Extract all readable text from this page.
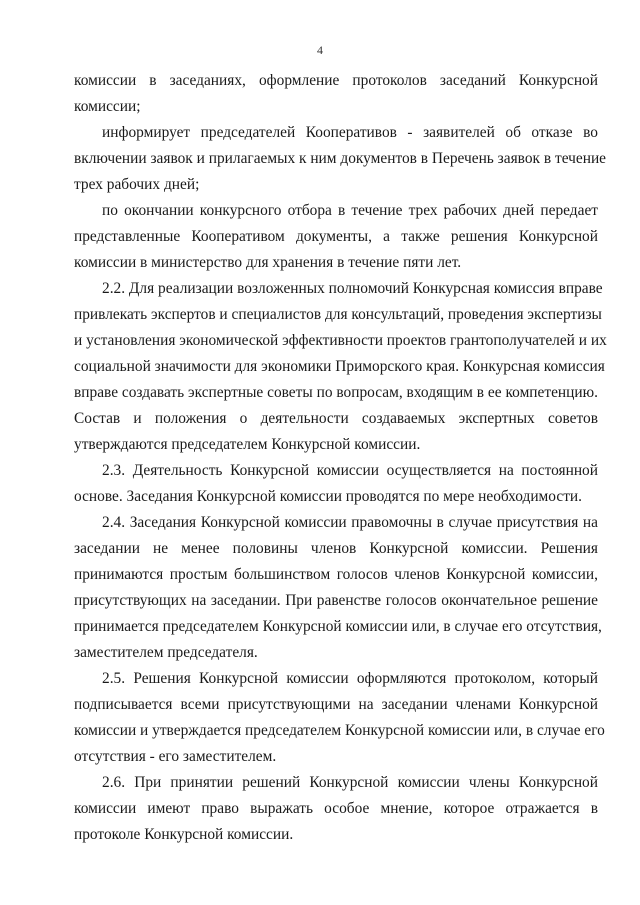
4
комиссии в заседаниях, оформление протоколов заседаний Конкурсной
комиссии;
информирует председателей Кооперативов - заявителей об отказе во
включении заявок и прилагаемых к ним документов в Перечень заявок в течение
трех рабочих дней;
по окончании конкурсного отбора в течение трех рабочих дней передает
представленные Кооперативом документы, а также решения Конкурсной
комиссии в министерство для хранения в течение пяти лет.
2.2. Для реализации возложенных полномочий Конкурсная комиссия вправе
привлекать экспертов и специалистов для консультаций, проведения экспертизы
и установления экономической эффективности проектов грантополучателей и их
социальной значимости для экономики Приморского края. Конкурсная комиссия
вправе создавать экспертные советы по вопросам, входящим в ее компетенцию.
Состав и положения о деятельности создаваемых экспертных советов
утверждаются председателем Конкурсной комиссии.
2.3. Деятельность Конкурсной комиссии осуществляется на постоянной
основе. Заседания Конкурсной комиссии проводятся по мере необходимости.
2.4. Заседания Конкурсной комиссии правомочны в случае присутствия на
заседании не менее половины членов Конкурсной комиссии. Решения
принимаются простым большинством голосов членов Конкурсной комиссии,
присутствующих на заседании. При равенстве голосов окончательное решение
принимается председателем Конкурсной комиссии или, в случае его отсутствия,
заместителем председателя.
2.5. Решения Конкурсной комиссии оформляются протоколом, который
подписывается всеми присутствующими на заседании членами Конкурсной
комиссии и утверждается председателем Конкурсной комиссии или, в случае его
отсутствия - его заместителем.
2.6. При принятии решений Конкурсной комиссии члены Конкурсной
комиссии имеют право выражать особое мнение, которое отражается в
протоколе Конкурсной комиссии.
